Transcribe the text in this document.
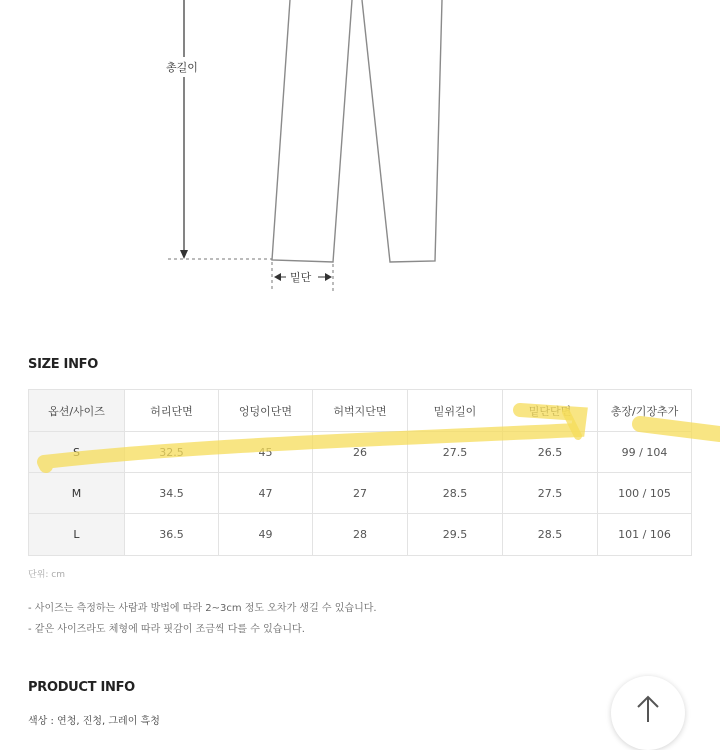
총길이
밑단
SIZE INFO
옵션/사이즈	허리단면	엉덩이단면	허벅지단면	밑위길이	밑단단면	총장/기장추가
S	32.5	45	26	27.5	26.5	99 / 104
M	34.5	47	27	28.5	27.5	100 / 105
L	36.5	49	28	29.5	28.5	101 / 106
단위: cm
- 사이즈는 측정하는 사람과 방법에 따라 2~3cm 정도 오차가 생길 수 있습니다.
- 같은 사이즈라도 체형에 따라 핏감이 조금씩 다를 수 있습니다.
PRODUCT INFO
색상 : 연청, 진청, 그레이 흑청
